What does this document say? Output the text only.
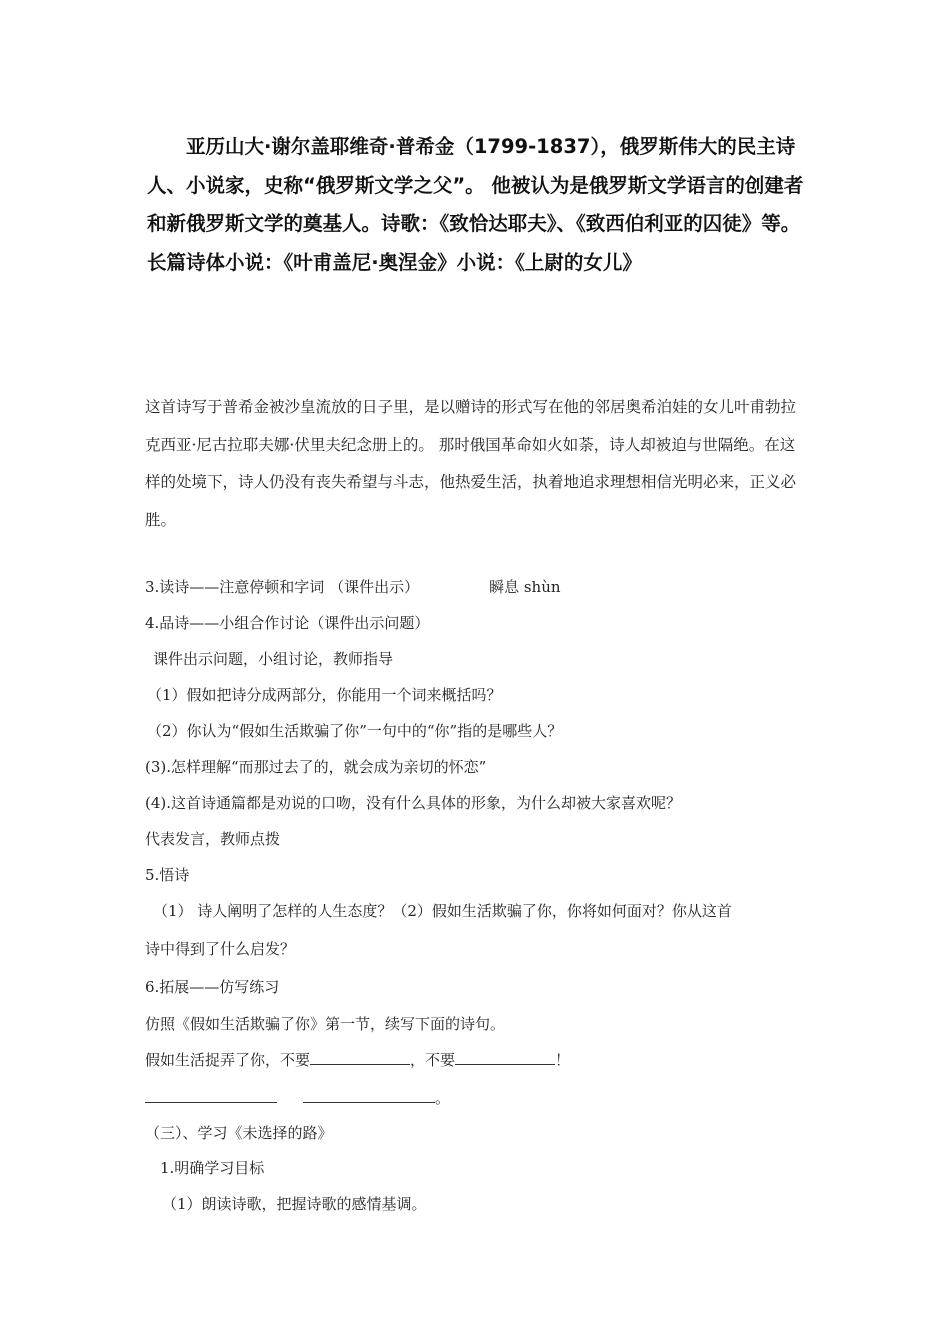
亚历山大·谢尔盖耶维奇·普希金（1799-1837），俄罗斯伟大的民主诗人、小说家，史称“俄罗斯文学之父”。 他被认为是俄罗斯文学语言的创建者和新俄罗斯文学的奠基人。诗歌：《致恰达耶夫》、《致西伯利亚的囚徒》等。长篇诗体小说：《叶甫盖尼·奥涅金》小说：《上尉的女儿》

这首诗写于普希金被沙皇流放的日子里，是以赠诗的形式写在他的邻居奥希泊娃的女儿叶甫勃拉克西亚·尼古拉耶夫娜·伏里夫纪念册上的。 那时俄国革命如火如荼，诗人却被迫与世隔绝。在这样的处境下，诗人仍没有丧失希望与斗志，他热爱生活，执着地追求理想相信光明必来，正义必胜。

3.读诗——注意停顿和字词 （课件出示）	瞬息 shùn
4.品诗——小组合作讨论（课件出示问题）
课件出示问题，小组讨论，教师指导
（1）假如把诗分成两部分，你能用一个词来概括吗？
（2）你认为“假如生活欺骗了你”一句中的“你”指的是哪些人？
(3).怎样理解“而那过去了的，就会成为亲切的怀恋”
(4).这首诗通篇都是劝说的口吻，没有什么具体的形象，为什么却被大家喜欢呢？
代表发言，教师点拨
5.悟诗
（1） 诗人阐明了怎样的人生态度？（2）假如生活欺骗了你，你将如何面对？你从这首
诗中得到了什么启发？
6.拓展——仿写练习
仿照《假如生活欺骗了你》第一节，续写下面的诗句。
假如生活捉弄了你，不要	，不要	！
。
（三）、学习《未选择的路》
1.明确学习目标
（1）朗读诗歌，把握诗歌的感情基调。
